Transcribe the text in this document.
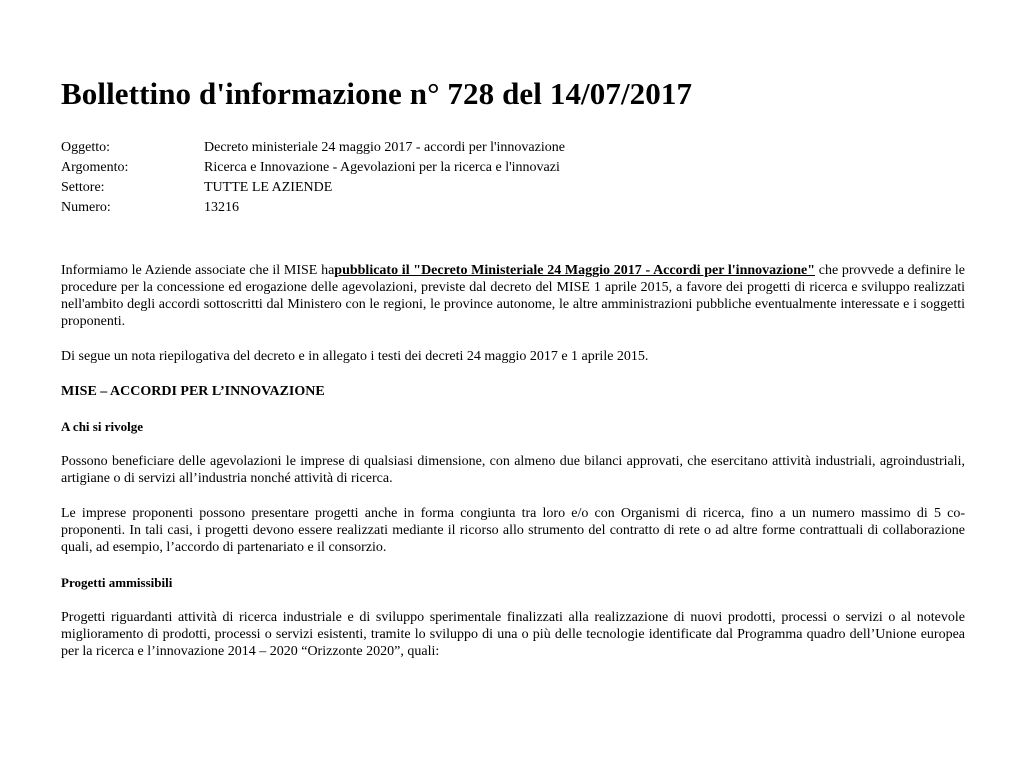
Bollettino d'informazione n° 728 del 14/07/2017
Oggetto:	Decreto ministeriale 24 maggio 2017 - accordi per l'innovazione
Argomento:	Ricerca e Innovazione - Agevolazioni per la ricerca e l'innovazi
Settore:	TUTTE LE AZIENDE
Numero:	13216

Informiamo le Aziende associate che il MISE hapubblicato il "Decreto Ministeriale 24 Maggio 2017 - Accordi per l'innovazione" che provvede a definire le procedure per la concessione ed erogazione delle agevolazioni, previste dal decreto del MISE 1 aprile 2015, a favore dei progetti di ricerca e sviluppo realizzati nell'ambito degli accordi sottoscritti dal Ministero con le regioni, le province autonome, le altre amministrazioni pubbliche eventualmente interessate e i soggetti proponenti.

Di segue un nota riepilogativa del decreto e in allegato i testi dei decreti 24 maggio 2017 e 1 aprile 2015.

MISE – ACCORDI PER L’INNOVAZIONE
A chi si rivolge

Possono beneficiare delle agevolazioni le imprese di qualsiasi dimensione, con almeno due bilanci approvati, che esercitano attività industriali, agroindustriali, artigiane o di servizi all’industria nonché attività di ricerca.

Le imprese proponenti possono presentare progetti anche in forma congiunta tra loro e/o con Organismi di ricerca, fino a un numero massimo di 5 co-proponenti. In tali casi, i progetti devono essere realizzati mediante il ricorso allo strumento del contratto di rete o ad altre forme contrattuali di collaborazione quali, ad esempio, l’accordo di partenariato e il consorzio.

Progetti ammissibili

Progetti riguardanti attività di ricerca industriale e di sviluppo sperimentale finalizzati alla realizzazione di nuovi prodotti, processi o servizi o al notevole miglioramento di prodotti, processi o servizi esistenti, tramite lo sviluppo di una o più delle tecnologie identificate dal Programma quadro dell’Unione europea per la ricerca e l’innovazione 2014 – 2020 “Orizzonte 2020”, quali:
